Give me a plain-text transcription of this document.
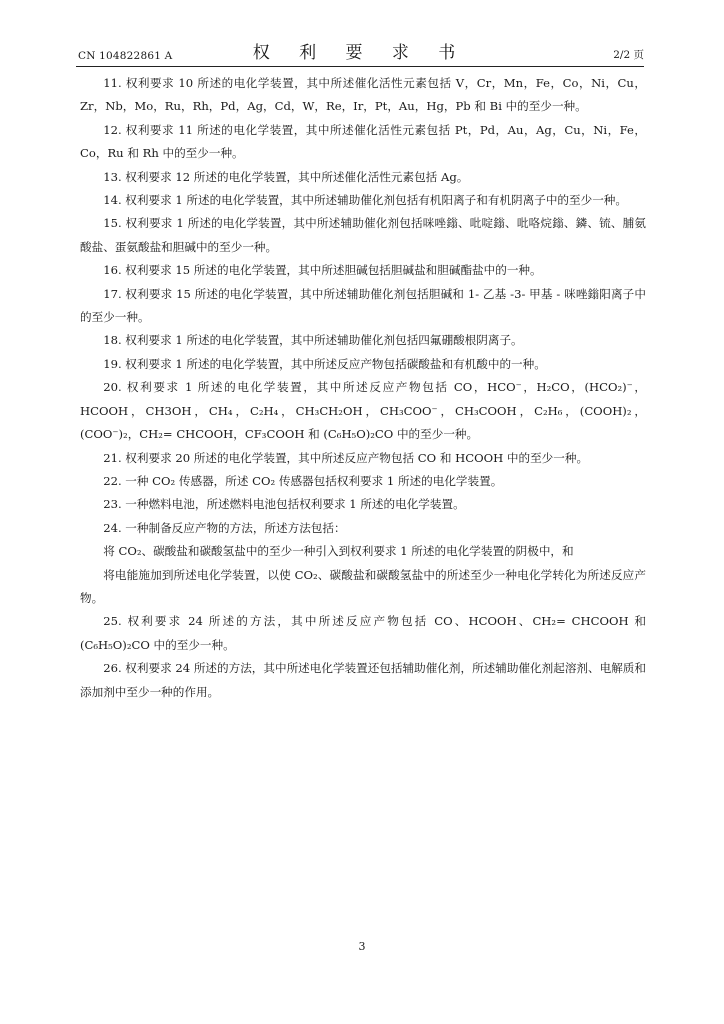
CN 104822861 A	权 利 要 求 书	2/2 页

11. 权利要求 10 所述的电化学装置，其中所述催化活性元素包括 V，Cr，Mn，Fe，Co，Ni，Cu，Zr，Nb，Mo，Ru，Rh，Pd，Ag，Cd，W，Re，Ir，Pt，Au，Hg，Pb 和 Bi 中的至少一种。

12. 权利要求 11 所述的电化学装置，其中所述催化活性元素包括 Pt，Pd，Au，Ag，Cu，Ni，Fe，Co，Ru 和 Rh 中的至少一种。

13. 权利要求 12 所述的电化学装置，其中所述催化活性元素包括 Ag。

14. 权利要求 1 所述的电化学装置，其中所述辅助催化剂包括有机阳离子和有机阴离子中的至少一种。

15. 权利要求 1 所述的电化学装置，其中所述辅助催化剂包括咪唑鎓、吡啶鎓、吡咯烷鎓、鏻、锍、脯氨酸盐、蛋氨酸盐和胆碱中的至少一种。

16. 权利要求 15 所述的电化学装置，其中所述胆碱包括胆碱盐和胆碱酯盐中的一种。

17. 权利要求 15 所述的电化学装置，其中所述辅助催化剂包括胆碱和 1- 乙基 -3- 甲基 - 咪唑鎓阳离子中的至少一种。

18. 权利要求 1 所述的电化学装置，其中所述辅助催化剂包括四氟硼酸根阴离子。

19. 权利要求 1 所述的电化学装置，其中所述反应产物包括碳酸盐和有机酸中的一种。

20. 权利要求 1 所述的电化学装置，其中所述反应产物包括 CO，HCO⁻，H₂CO，(HCO₂)⁻，HCOOH，CH3OH，CH₄，C₂H₄，CH₃CH₂OH，CH₃COO⁻，CH₃COOH，C₂H₆，(COOH)₂，(COO⁻)₂，CH₂= CHCOOH，CF₃COOH 和 (C₆H₅O)₂CO 中的至少一种。

21. 权利要求 20 所述的电化学装置，其中所述反应产物包括 CO 和 HCOOH 中的至少一种。

22. 一种 CO₂ 传感器，所述 CO₂ 传感器包括权利要求 1 所述的电化学装置。

23. 一种燃料电池，所述燃料电池包括权利要求 1 所述的电化学装置。

24. 一种制备反应产物的方法，所述方法包括：

将 CO₂、碳酸盐和碳酸氢盐中的至少一种引入到权利要求 1 所述的电化学装置的阴极中，和

将电能施加到所述电化学装置，以使 CO₂、碳酸盐和碳酸氢盐中的所述至少一种电化学转化为所述反应产物。

25. 权利要求 24 所述的方法，其中所述反应产物包括 CO、HCOOH、CH₂= CHCOOH 和 (C₆H₅O)₂CO 中的至少一种。

26. 权利要求 24 所述的方法，其中所述电化学装置还包括辅助催化剂，所述辅助催化剂起溶剂、电解质和添加剂中至少一种的作用。

3
